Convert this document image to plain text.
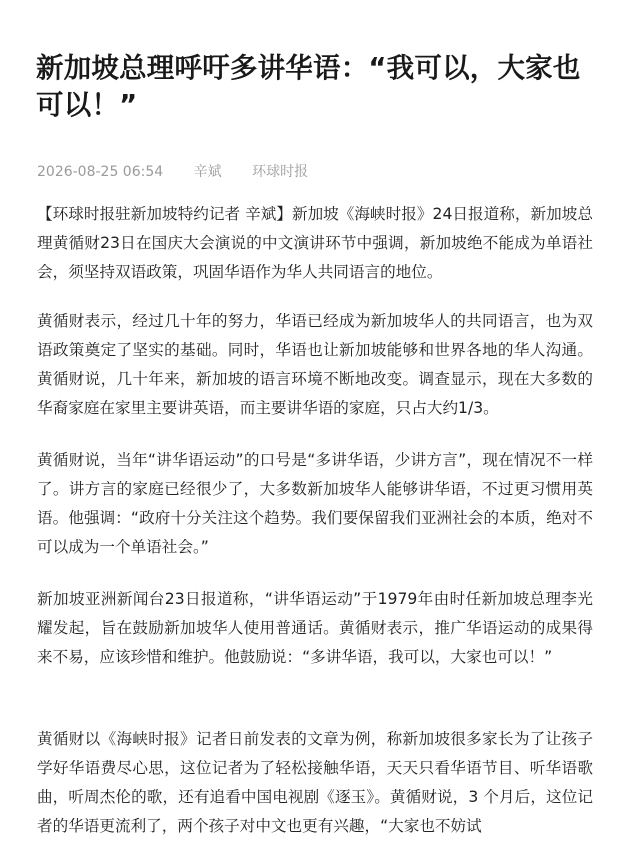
新加坡总理呼吁多讲华语：“我可以，大家也可以！”
2026-08-25 06:54 辛斌 环球时报

【环球时报驻新加坡特约记者 辛斌】新加坡《海峡时报》24日报道称，新加坡总理黄循财23日在国庆大会演说的中文演讲环节中强调，新加坡绝不能成为单语社会，须坚持双语政策，巩固华语作为华人共同语言的地位。

黄循财表示，经过几十年的努力，华语已经成为新加坡华人的共同语言，也为双语政策奠定了坚实的基础。同时，华语也让新加坡能够和世界各地的华人沟通。黄循财说，几十年来，新加坡的语言环境不断地改变。调查显示，现在大多数的华裔家庭在家里主要讲英语，而主要讲华语的家庭，只占大约1/3。

黄循财说，当年“讲华语运动”的口号是“多讲华语，少讲方言”，现在情况不一样了。讲方言的家庭已经很少了，大多数新加坡华人能够讲华语，不过更习惯用英语。他强调：“政府十分关注这个趋势。我们要保留我们亚洲社会的本质，绝对不可以成为一个单语社会。”

新加坡亚洲新闻台23日报道称，“讲华语运动”于1979年由时任新加坡总理李光耀发起，旨在鼓励新加坡华人使用普通话。黄循财表示，推广华语运动的成果得来不易，应该珍惜和维护。他鼓励说：“多讲华语，我可以，大家也可以！”

黄循财以《海峡时报》记者日前发表的文章为例，称新加坡很多家长为了让孩子学好华语费尽心思，这位记者为了轻松接触华语，天天只看华语节目、听华语歌曲，听周杰伦的歌，还有追看中国电视剧《逐玉》。黄循财说，3 个月后，这位记者的华语更流利了，两个孩子对中文也更有兴趣，“大家也不妨试
